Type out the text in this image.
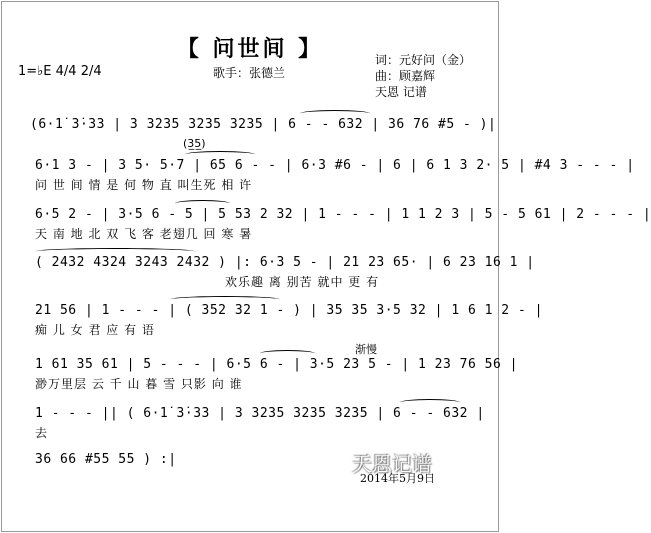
【 问世间 】
1=♭E 4/4 2/4	歌手：张德兰
词：元好问（金）
曲：顾嘉辉
天恩 记谱
(6·1̇ 3̇·33 | 3 3235 3235 3235 | 6 - - 632 | 36 76 #5 - )|
(3̲5̲)
6·1 3 - | 3 5· 5·7 | 65 6 - - | 6·3 #6 - | 6 | 6 1 3 2· 5 | #4 3 - - - |
问 世 间 情 是 何 物 直 叫生死 相 许
6·5 2 - | 3·5 6 - 5 | 5 53 2 32 | 1 - - - | 1 1 2 3 | 5 - 5 61 | 2 - - - |
天 南 地 北 双 飞 客 老翅几 回 寒 暑
( 2432 4324 3243 2432 ) |: 6·3 5 - | 21 23 65· | 6 23 16 1 |
欢乐趣 离 别苦 就中 更 有
21 56 | 1 - - - | ( 352 32 1 - ) | 35 35 3·5 32 | 1 6 1 2 - |
痴 儿 女 君 应 有 语
渐慢
1 61 35 61 | 5 - - - | 6·5 6 - | 3·5 23 5 - | 1 23 76 56 |
渺万里层 云 千 山 暮 雪 只影 向 谁
1 - - - || ( 6·1̇ 3̇·33 | 3 3235 3235 3235 | 6 - - 632 |
去
36 66 #55 55 ) :|	天恩记谱
2014年5月9日
